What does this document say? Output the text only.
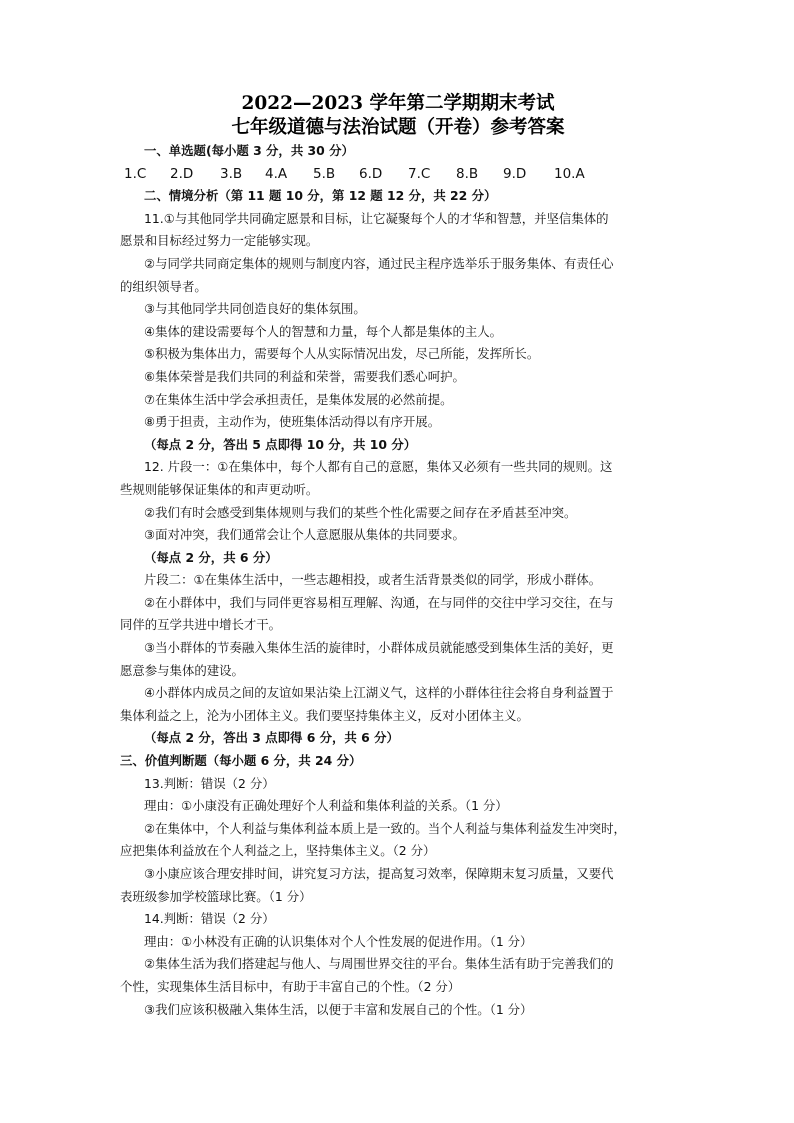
2022—2023 学年第二学期期末考试

七年级道德与法治试题（开卷）参考答案

一、单选题(每小题 3 分，共 30 分）
1.C	2.D	3.B	4.A	5.B	6.D	7.C	8.B	9.D	10.A
二、情境分析（第 11 题 10 分，第 12 题 12 分，共 22 分）
11.①与其他同学共同确定愿景和目标，让它凝聚每个人的才华和智慧，并坚信集体的
愿景和目标经过努力一定能够实现。
②与同学共同商定集体的规则与制度内容，通过民主程序选举乐于服务集体、有责任心
的组织领导者。
③与其他同学共同创造良好的集体氛围。
④集体的建设需要每个人的智慧和力量，每个人都是集体的主人。
⑤积极为集体出力，需要每个人从实际情况出发，尽己所能，发挥所长。
⑥集体荣誉是我们共同的利益和荣誉，需要我们悉心呵护。
⑦在集体生活中学会承担责任，是集体发展的必然前提。
⑧勇于担责，主动作为，使班集体活动得以有序开展。
（每点 2 分，答出 5 点即得 10 分，共 10 分）
12. 片段一：①在集体中，每个人都有自己的意愿，集体又必须有一些共同的规则。这
些规则能够保证集体的和声更动听。
②我们有时会感受到集体规则与我们的某些个性化需要之间存在矛盾甚至冲突。
③面对冲突，我们通常会让个人意愿服从集体的共同要求。
（每点 2 分，共 6 分）
片段二：①在集体生活中，一些志趣相投，或者生活背景类似的同学，形成小群体。
②在小群体中，我们与同伴更容易相互理解、沟通，在与同伴的交往中学习交往，在与
同伴的互学共进中增长才干。
③当小群体的节奏融入集体生活的旋律时，小群体成员就能感受到集体生活的美好，更
愿意参与集体的建设。
④小群体内成员之间的友谊如果沾染上江湖义气，这样的小群体往往会将自身利益置于
集体利益之上，沦为小团体主义。我们要坚持集体主义，反对小团体主义。
（每点 2 分，答出 3 点即得 6 分，共 6 分）
三、价值判断题（每小题 6 分，共 24 分）
13.判断：错误（2 分）
理由：①小康没有正确处理好个人利益和集体利益的关系。（1 分）
②在集体中，个人利益与集体利益本质上是一致的。当个人利益与集体利益发生冲突时，
应把集体利益放在个人利益之上，坚持集体主义。（2 分）
③小康应该合理安排时间，讲究复习方法，提高复习效率，保障期末复习质量，又要代
表班级参加学校篮球比赛。（1 分）
14.判断：错误（2 分）
理由：①小林没有正确的认识集体对个人个性发展的促进作用。（1 分）
②集体生活为我们搭建起与他人、与周围世界交往的平台。集体生活有助于完善我们的
个性，实现集体生活目标中，有助于丰富自己的个性。（2 分）
③我们应该积极融入集体生活，以便于丰富和发展自己的个性。（1 分）
